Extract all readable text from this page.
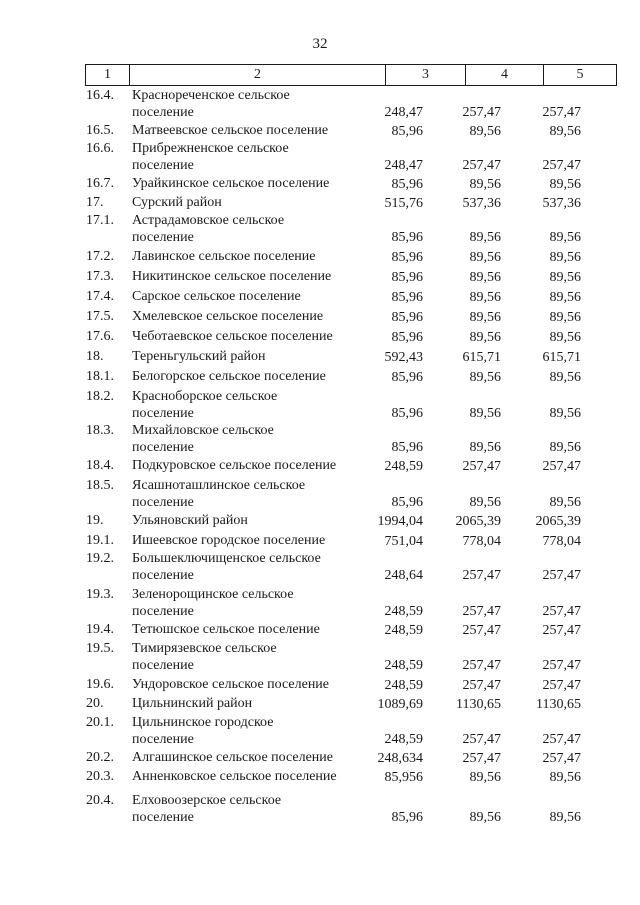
32
1	2	3	4	5
16.4.	Краснореченское сельское
поселение	248,47	257,47	257,47
16.5.	Матвеевское сельское поселение	85,96	89,56	89,56
16.6.	Прибрежненское сельское
поселение	248,47	257,47	257,47
16.7.	Урайкинское сельское поселение	85,96	89,56	89,56
17.	Сурский район	515,76	537,36	537,36
17.1.	Астрадамовское сельское
поселение	85,96	89,56	89,56
17.2.	Лавинское сельское поселение	85,96	89,56	89,56
17.3.	Никитинское сельское поселение	85,96	89,56	89,56
17.4.	Сарское сельское поселение	85,96	89,56	89,56
17.5.	Хмелевское сельское поселение	85,96	89,56	89,56
17.6.	Чеботаевское сельское поселение	85,96	89,56	89,56
18.	Тереньгульский район	592,43	615,71	615,71
18.1.	Белогорское сельское поселение	85,96	89,56	89,56
18.2.	Красноборское сельское
поселение	85,96	89,56	89,56
18.3.	Михайловское сельское
поселение	85,96	89,56	89,56
18.4.	Подкуровское сельское поселение	248,59	257,47	257,47
18.5.	Ясашноташлинское сельское
поселение	85,96	89,56	89,56
19.	Ульяновский район	1994,04 2065,39 2065,39
19.1.	Ишеевское городское поселение	751,04	778,04	778,04
19.2.	Большеключищенское сельское
поселение	248,64	257,47	257,47
19.3.	Зеленорощинское сельское
поселение	248,59	257,47	257,47
19.4.	Тетюшское сельское поселение	248,59	257,47	257,47
19.5.	Тимирязевское сельское
поселение	248,59	257,47	257,47
19.6.	Ундоровское сельское поселение	248,59	257,47	257,47
20.	Цильнинский район	1089,69 1130,65	1130,65
20.1.	Цильнинское городское
поселение	248,59	257,47	257,47
20.2.	Алгашинское сельское поселение	248,634	257,47	257,47
20.3.	Анненковское сельское поселение	85,956	89,56	89,56
20.4.	Елховоозерское сельское
поселение	85,96	89,56	89,56
